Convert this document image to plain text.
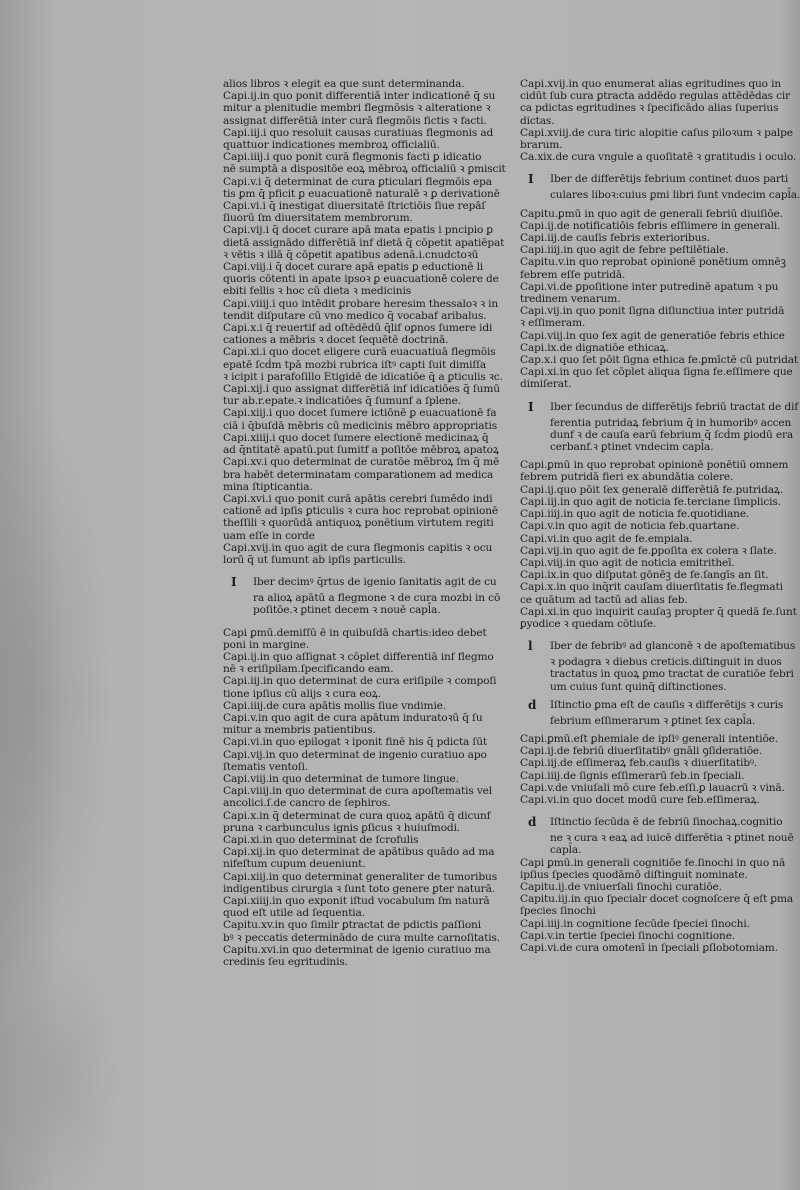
alios libros ꝛ elegit ea que sunt determinanda.
Capi.ij.in quo ponit differentiā inter indicationē q̄ su
mitur a plenitudie membri flegmōsis ꝛ alteratione ꝛ
assignat differētiā inter curā flegmōis fictis ꝛ facti.
Capi.iij.i quo resoluit causas curatiuas flegmonis ad
quattuor indicationes membroꝝ officialiū.
Capi.iiij.i quo ponit curā flegmonis facti ꝑ idicatio
nē sumptā a dispositōe eoꝝ mēbroꝝ officialiū ꝛ ꝑmiscit
Capi.v.i q̄ determinat de cura ꝑticulari flegmōis epa
tis ꝑm q̄ pficit ꝑ euacuationē naturalē ꝛ ꝑ derivationē
Capi.vi.i q̄ inestigat diuersitatē ſtrictiōis ſiue repāſ
ſiuorū ſm diuersitatem membrorum.
Capi.vij.i q̄ docet curare apā mata epatis i pncipio ꝑ
dietā assignādo differētiā inf dietā q̄ cōpetit apatiēpat
ꝛ vētis ꝛ illā q̄ cōpetit apatibus adenā.i.cnudctoꝛū
Capi.viij.i q̄ docet curare apā epatis ꝑ eductionē li
quoris cōtenti in apate ipsoꝛ ꝑ euacuationē colere de
ebiti fellis ꝛ hoc cū dieta ꝛ medicinis
Capi.viiij.i quo intēdit ꝑrobare heresim thessaloꝛ ꝛ in
tendit diſputare cū vno medico q̄ vocabaf aribalus.
Capi.x.i q̄ reuertif ad oſtēdēdū q̄lif oꝑnos ſumere idi
cationes a mēbris ꝛ docet ſequētē doctrinā.
Capi.xi.i quo docet eligere curā euacuatiuā flegmōis
epatē ſcḋm tpā mozbi rubrica iſtꝰ capti ſuit dimiſſa
ꝛ icipit i parafoſillo Etigidē de idicatiōe q̄ a ꝑticulis ꝛc.
Capi.xij.i quo assignat differētiā inf idicatiōes q̄ ſumū
tur ab.r.epate.ꝛ indicatiōes q̄ ſumunf a ſplene.
Capi.xiij.i quo docet ſumere ictiōnē ꝑ euacuationē fa
ciā i q̄buſdā mēbris cū medicinis mēbro appropriatis
Capi.xiiij.i quo docet ſumere electionē medicinaꝝ q̄
ad q̄ntitatē apatū.put ſumitf a poſitōe mēbroꝝ apatoꝝ
Capi.xv.i quo determinat de curatōe mēbroꝝ ſm q̄ mē
bra habēt determinatam comparationem ad medica
mina ſtipticantia.
Capi.xvi.i quo ponit curā apātis cerebri ſumēdo indi
cationē ad ipſis ꝑticulis ꝛ cura hoc reprobat opinionē
theſſili ꝛ quorūdā antiquoꝝ ponētium virtutem regiti
uam eſſe in corde
Capi.xvij.in quo agit de cura flegmonis capitis ꝛ ocu
lorū q̄ ut ſumunt ab ipſis particulis.
I	Iber decimꝰ q̄rtus de igenio ſanitatis agit de cu
ra alioꝝ apātū a flegmone ꝛ de cura mozbi in cō
poſitōe.ꝛ ꝑtinet decem ꝛ nouē capl̄a.
Capi ꝑmū.demiſſū ē in quibuſdā chartis:ideo debet
poni in margine.
Capi.ij.in quo aſſignat ꝛ cōplet differentiā inf flegmo
nē ꝛ eriſipilam.ſpecificando eam.
Capi.iij.in quo determinat de cura eriſipile ꝛ compoſi
tione ipſius cū alijs ꝛ cura eoꝝ.
Capi.iiij.de cura apātis mollis ſiue vndimie.
Capi.v.in quo agit de cura apātum induratoꝛū q̄ ſu
mitur a membris patientibus.
Capi.vi.in quo epilogat ꝛ iponit finē his q̄ pdicta ſūt
Capi.vij.in quo determinat de ingenio curatiuo apo
ſtematis ventoſi.
Capi.viij.in quo determinat de tumore lingue.
Capi.viiij.in quo determinat de cura apoſtematis vel
ancolici.ſ.de cancro de ſephiros.
Capi.x.in q̄ determinat de cura quoꝝ apātū q̄ dicunf
pruna ꝛ carbunculus ignis ꝑſicus ꝛ huiuſmodi.
Capi.xi.in quo determinat de ſcrofulis
Capi.xij.in quo determinat de apātibus quādo ad ma
nifeſtum cupum deueniunt.
Capi.xiij.in quo determinat generaliter de tumoribus
indigentibus cirurgia ꝛ ſunt toto genere ꝑter naturā.
Capi.xiiij.in quo exponit iſtud vocabulum ſm naturā
quod eſt utile ad ſequentia.
Capitu.xv.in quo ſimilr ꝑtractat de pdictis paſſioni
bꝰ ꝛ peccatis determinādo de cura multe carnoſitatis.
Capitu.xvi.in quo determinat de igenio curatiuo ma
credinis ſeu egritudinis.
Capi.xvij.in quo enumerat alias egritudines quo in
cidūt ſub cura ꝑtracta addēdo regulas attēdēdas cir
ca pdictas egritudines ꝛ ſpecificādo alias ſuperius
dictas.
Capi.xviij.de cura tiric alopitie caſus piloꝛum ꝛ palpe
brarum.
Ca.xix.de cura vngule a quoſitatē ꝛ gratitudis i oculo.
I	Iber de differētijs febrium continet duos parti
culares liboꝛ:cuius ꝑmi libri ſunt vndecim capl̄a.
Capitu.ꝑmū in quo agit de generali febriū diuiſiōe.
Capi.ij.de notificatiōis febris eſſiimere in generali.
Capi.iij.de cauſis febris exterioribus.
Capi.iiij.in quo agit de febre peſtilētiale.
Capitu.v.in quo reprobat opinionē ponētium omnēꝫ
febrem eſſe putridā.
Capi.vi.de ꝑpoſitione inter putredinē apatum ꝛ pu
tredinem venarum.
Capi.vij.in quo ponit ſigna diſiunctiua inter putridā
ꝛ eſſimeram.
Capi.viij.in quo ſex agit de generatiōe febris ethice
Capi.ix.de dignatiōe ethicaꝝ.
Cap.x.i quo ſet pōit ſigna ethica fe.ꝑmīctē cū putridat
Capi.xi.in quo ſet cōplet aliqua ſigna fe.eſſimere que
dimiſerat.
I	Iber ſecundus de differētijs febriū tractat de dif
ferentia putridaꝝ febrium q̄ in humoribꝰ accen
dunf ꝛ de cauſa earū febrium q̄ ſcḋm ꝑiodū era
cerbanf.ꝛ ꝑtinet vndecim capl̄a.
Capi.ꝑmū in quo reprobat opinionē ponētiū omnem
febrem putridā fieri ex abundātia colere.
Capi.ij.quo pōit ſex generalē differētiā fe.putridaꝝ.
Capi.iij.in quo agit de noticia fe.terciane ſimplicis.
Capi.iiij.in quo agit de noticia fe.quotidiane.
Capi.v.in quo agit de noticia feb.quartane.
Capi.vi.in quo agit de fe.empiala.
Capi.vij.in quo agit de fe.ꝑpoſita ex colera ꝛ ſlate.
Capi.viij.in quo agit de noticia emitritheī.
Capi.ix.in quo diſputat gōnēꝫ de fe.ſangīs an ſit.
Capi.x.in quo inq̄rit cauſam diuerſitatis fe.flegmati
ce quātum ad tactū ad alias feb.
Capi.xi.in quo inquirit cauſaꝫ propter q̄ quedā fe.ſunt
ꝑyodice ꝛ quedam cōtiuſe.
l	Iber de febribꝰ ad glanconē ꝛ de apoſtematibus
ꝛ podagra ꝛ diebus creticis.diſtinguit in duos
tractatus in quoꝝ ꝑmo tractat de curatiōe febri
um cuius ſunt quinq̄ diſtinctiones.
d	Iſtinctio ꝑma eſt de cauſis ꝛ differētijs ꝛ curis
febrium eſſimerarum ꝛ ꝑtinet ſex capl̄a.
Capi.ꝑmū.eſt ꝑhemiale de ipſiꝰ generali intentiōe.
Capi.ij.de febriū diuerſitatibꝰ gnāli ꝯſideratiōe.
Capi.iij.de eſſimeraꝝ feb.cauſis ꝛ diuerſitatibꝰ.
Capi.iiij.de ſignis eſſimerarū feb.in ſpeciali.
Capi.v.de vniuſali mō cure feb.eſſi.ꝑ lauacrū ꝛ vinā.
Capi.vi.in quo docet modū cure feb.eſſimeraꝝ.
d	Iſtinctio ſecūda ē de febriū ſinochaꝝ.cognitio
ne ꝛ cura ꝛ eaꝝ ad iuicē differētia ꝛ ꝑtinet nouē
capl̄a.
Capi ꝑmū.in generali cognitiōe fe.ſinochi in quo nā
ipſius ſpecies quodāmō diſtinguit nominate.
Capitu.ij.de vniuerſali ſinochi curatiōe.
Capitu.iij.in quo ſpecialr docet cognoſcere q̄ eſt ꝑma
ſpecies ſinochi
Capi.iiij.in cognitione ſecūde ſpeciei ſinochi.
Capi.v.in tertie ſpeciei ſinochi cognitione.
Capi.vi.de cura omotenī in ſpeciali ꝑſlobotomiam.
